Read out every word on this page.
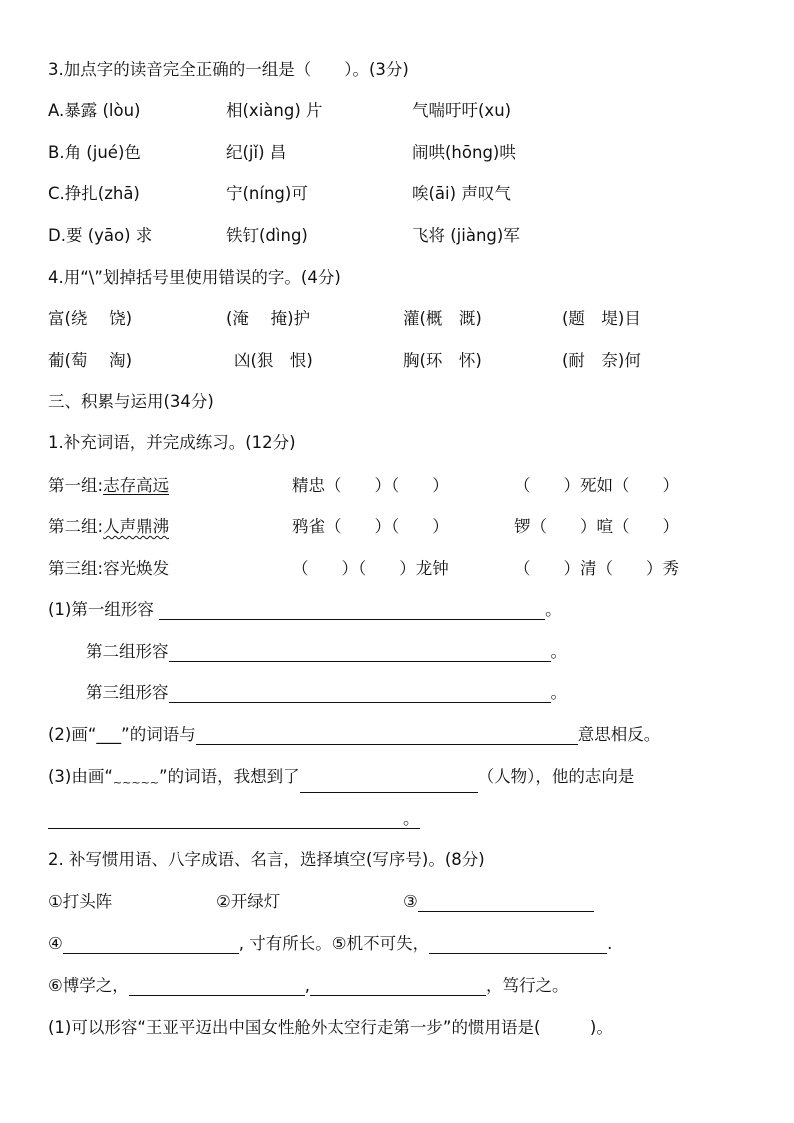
3.加点字的读音完全正确的一组是（　　）。(3分)
A.暴露 (lòu)	相(xiàng) 片	气喘吁吁(xu)
B.角 (jué)色	纪(jǐ) 昌	闹哄(hōng)哄
C.挣扎(zhā)	宁(níng)可	唉(āi) 声叹气
D.要 (yāo) 求	铁钉(dìng)	飞将 (jiàng)军
4.用“\”划掉括号里使用错误的字。(4分)
富(绕　 饶)	(淹　 掩)护	灌(概　溉)	(题　堤)目
葡(萄　 淘)	凶(狠　恨)	胸(环　怀)	(耐　奈)何
三、积累与运用(34分)
1.补充词语，并完成练习。(12分)
第一组:志存高远	精忠（　　）（　　）	（　　）死如（　　）
第二组:人声鼎沸	鸦雀（　　）（　　）	锣（　　）喧（　　）
第三组:容光焕发	（　　）（　　）龙钟	（　　）清（　　）秀
(1)第一组形容	。
第二组形容	。
第三组形容	。
(2)画“___”的词语与	意思相反。
(3)由画“$_{\sim\sim\sim\sim\sim}$”的词语，我想到了	（人物），他的志向是
。
2. 补写惯用语、八字成语、名言，选择填空(写序号)。(8分)
①打头阵	②开绿灯	③
④	, 寸有所长。⑤机不可失，	.
⑥博学之，	,	，笃行之。
(1)可以形容“王亚平迈出中国女性舱外太空行走第一步”的惯用语是(　　　)。
